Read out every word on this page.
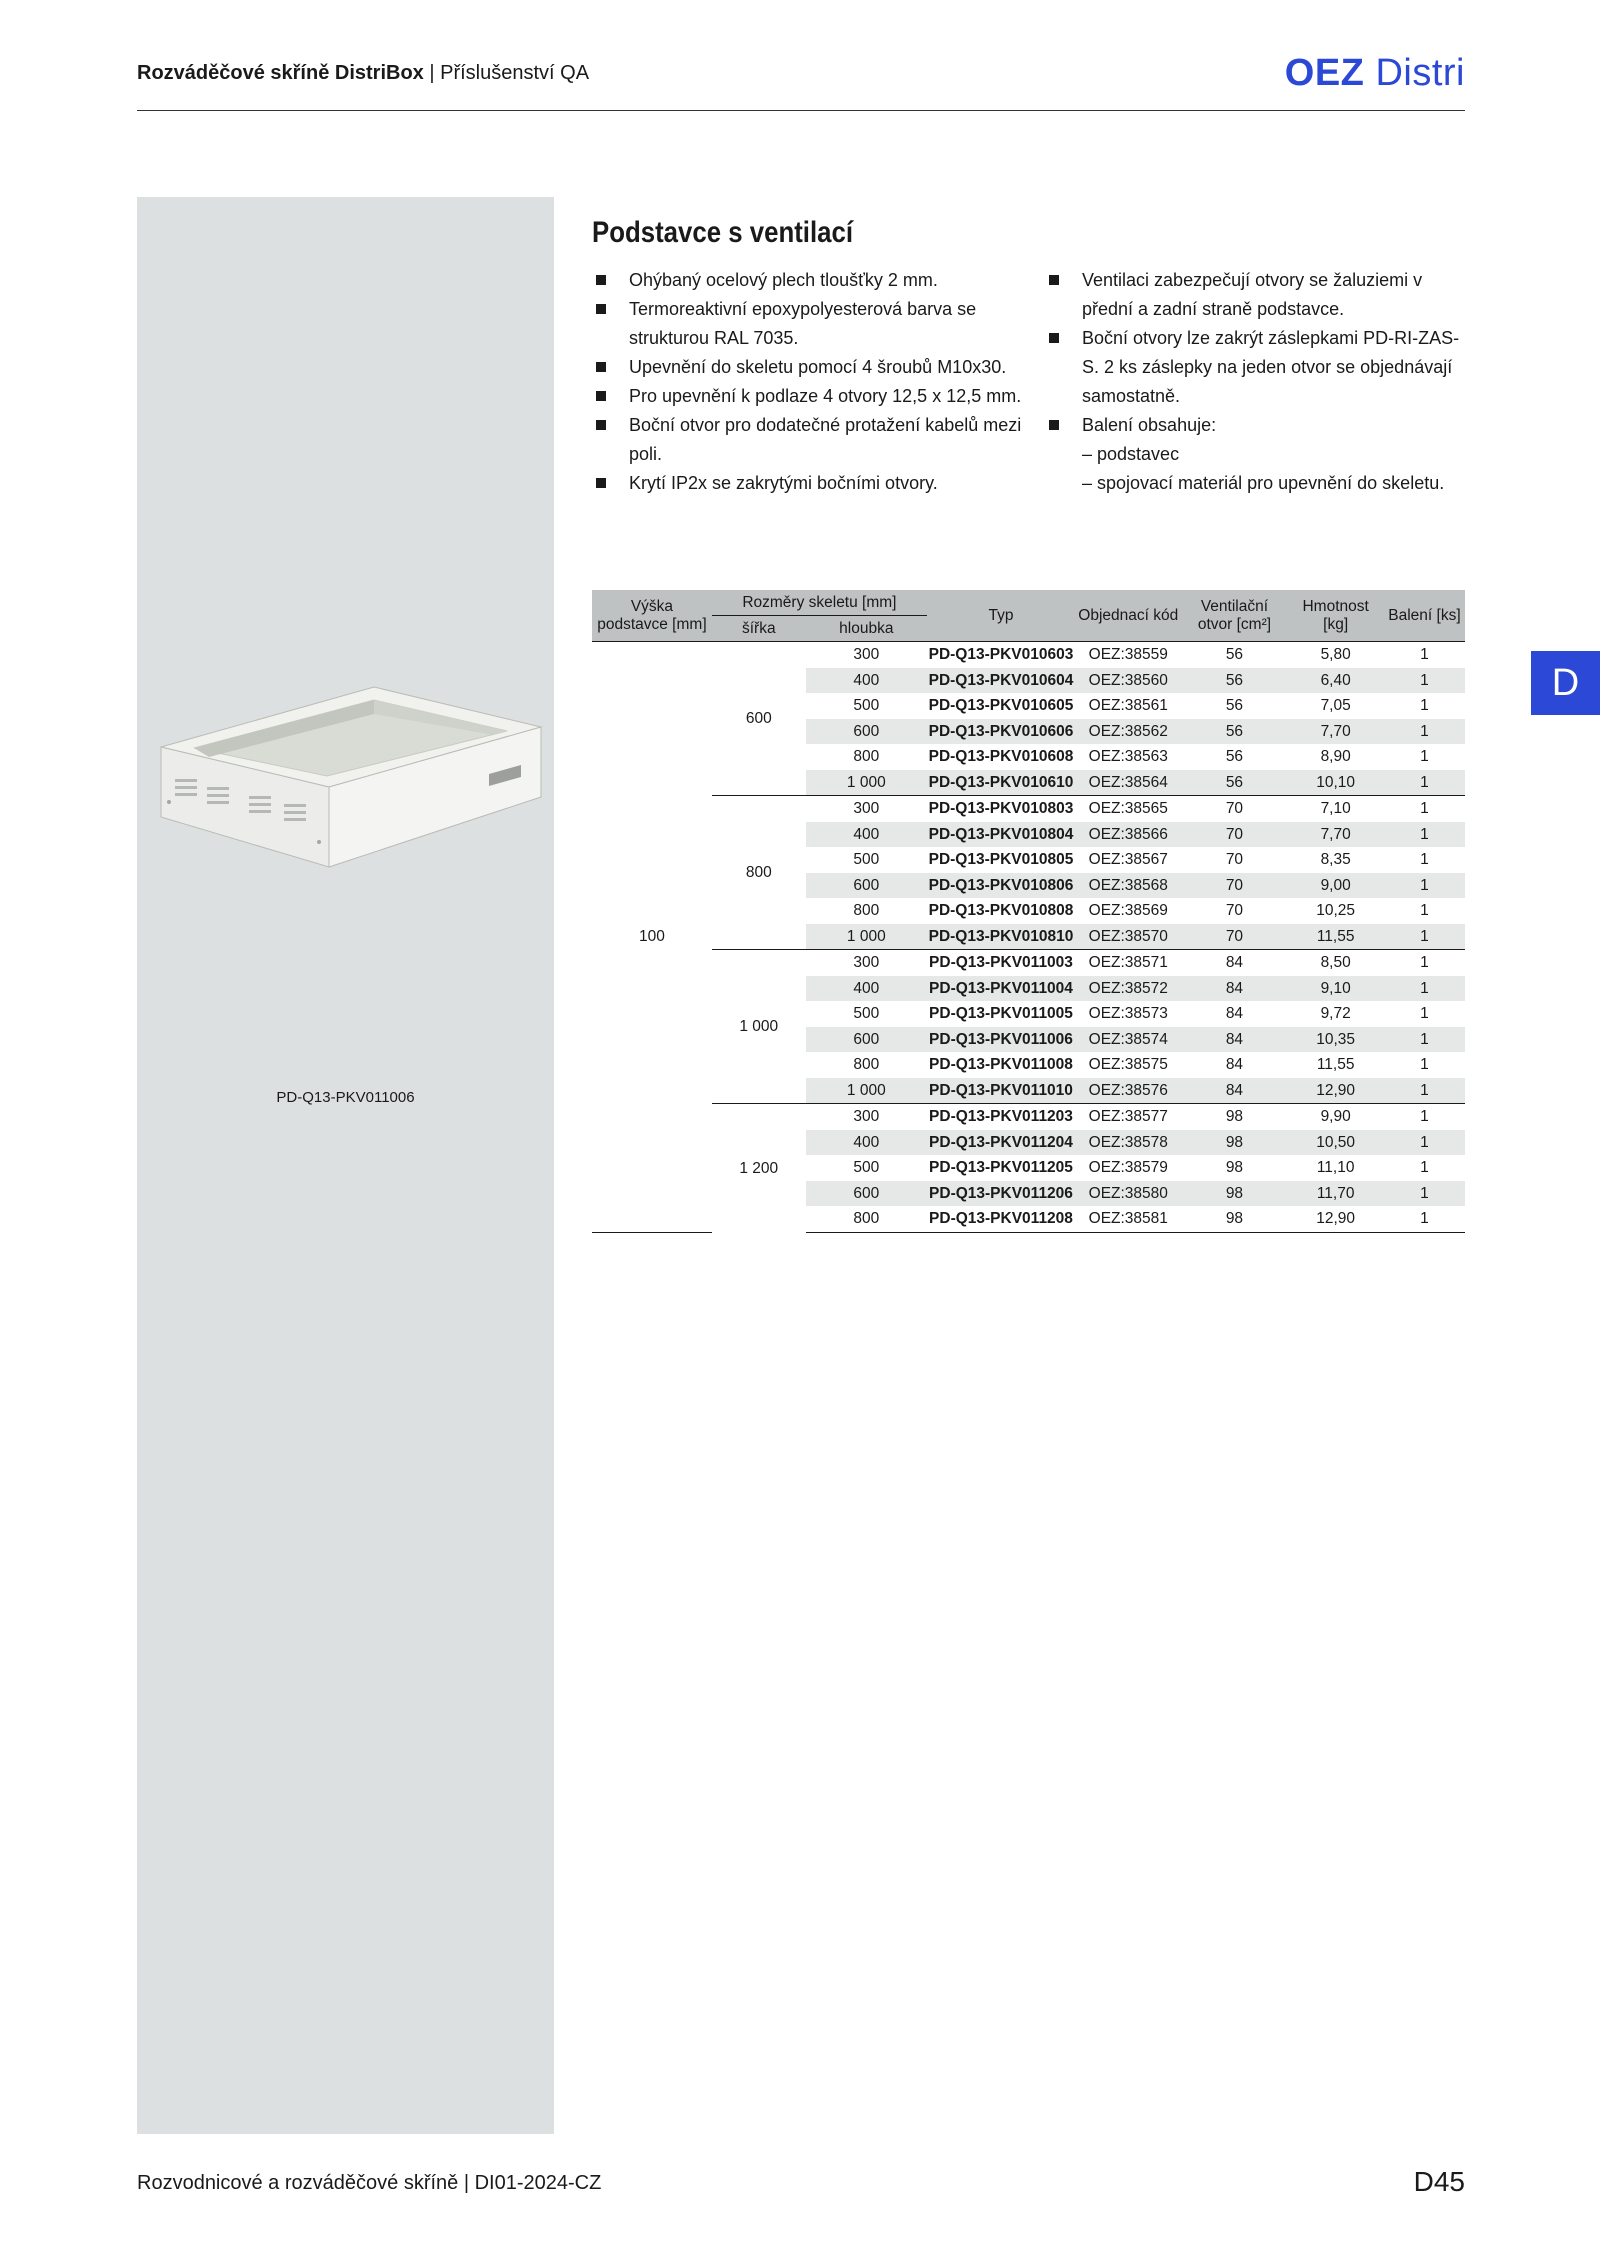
Rozváděčové skříně DistriBox | Příslušenství QA	OEZ Distri
PD-Q13-PKV011006
Podstavce s ventilací
Ohýbaný ocelový plech tloušťky 2 mm.
Termoreaktivní epoxypolyesterová barva se strukturou RAL 7035.
Upevnění do skeletu pomocí 4 šroubů M10x30.
Pro upevnění k podlaze 4 otvory 12,5 x 12,5 mm.
Boční otvor pro dodatečné protažení kabelů mezi poli.
Krytí IP2x se zakrytými bočními otvory.
Ventilaci zabezpečují otvory se žaluziemi v přední a zadní straně podstavce.
Boční otvory lze zakrýt záslepkami PD-RI-ZAS-S. 2 ks záslepky na jeden otvor se objednávají samostatně.
Balení obsahuje:
– podstavec
– spojovací materiál pro upevnění do skeletu.
D
Výška podstavce [mm]	Rozměry skeletu [mm]		Typ	Objednací kód	Ventilační otvor [cm²]	Hmotnost [kg]	Balení [ks]
	šířka	hloubka					
100	600	300	PD-Q13-PKV010603	OEZ:38559	56	5,80	1
		400	PD-Q13-PKV010604	OEZ:38560	56	6,40	1
		500	PD-Q13-PKV010605	OEZ:38561	56	7,05	1
		600	PD-Q13-PKV010606	OEZ:38562	56	7,70	1
		800	PD-Q13-PKV010608	OEZ:38563	56	8,90	1
		1 000	PD-Q13-PKV010610	OEZ:38564	56	10,10	1
	800	300	PD-Q13-PKV010803	OEZ:38565	70	7,10	1
		400	PD-Q13-PKV010804	OEZ:38566	70	7,70	1
		500	PD-Q13-PKV010805	OEZ:38567	70	8,35	1
		600	PD-Q13-PKV010806	OEZ:38568	70	9,00	1
		800	PD-Q13-PKV010808	OEZ:38569	70	10,25	1
		1 000	PD-Q13-PKV010810	OEZ:38570	70	11,55	1
	1 000	300	PD-Q13-PKV011003	OEZ:38571	84	8,50	1
		400	PD-Q13-PKV011004	OEZ:38572	84	9,10	1
		500	PD-Q13-PKV011005	OEZ:38573	84	9,72	1
		600	PD-Q13-PKV011006	OEZ:38574	84	10,35	1
		800	PD-Q13-PKV011008	OEZ:38575	84	11,55	1
		1 000	PD-Q13-PKV011010	OEZ:38576	84	12,90	1
	1 200	300	PD-Q13-PKV011203	OEZ:38577	98	9,90	1
		400	PD-Q13-PKV011204	OEZ:38578	98	10,50	1
		500	PD-Q13-PKV011205	OEZ:38579	98	11,10	1
		600	PD-Q13-PKV011206	OEZ:38580	98	11,70	1
		800	PD-Q13-PKV011208	OEZ:38581	98	12,90	1
Rozvodnicové a rozváděčové skříně | DI01-2024-CZ	D45
